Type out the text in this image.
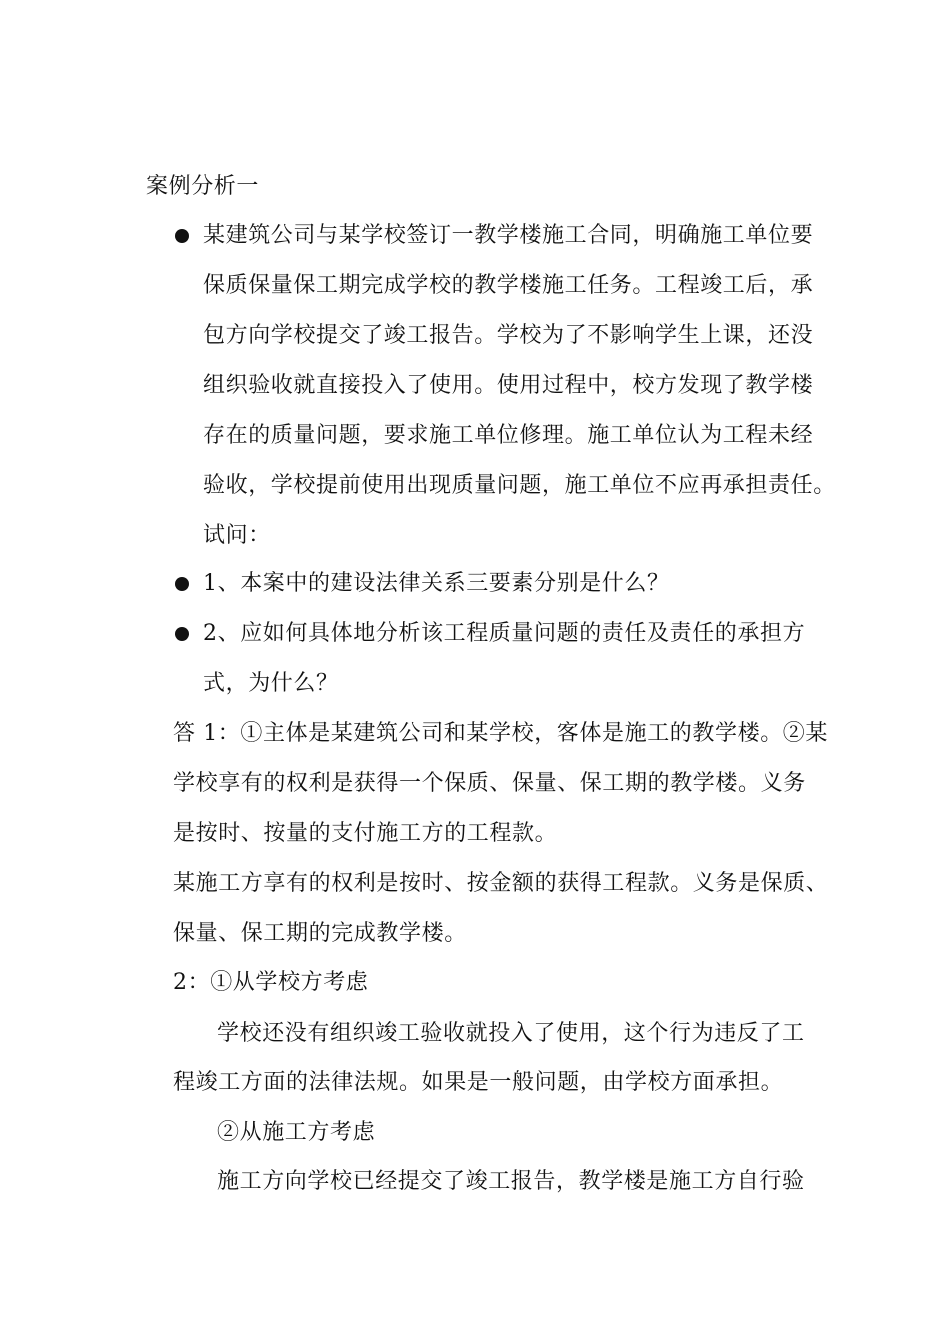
案例分析一
某建筑公司与某学校签订一教学楼施工合同，明确施工单位要
保质保量保工期完成学校的教学楼施工任务。工程竣工后，承
包方向学校提交了竣工报告。学校为了不影响学生上课，还没
组织验收就直接投入了使用。使用过程中，校方发现了教学楼
存在的质量问题，要求施工单位修理。施工单位认为工程未经
验收，学校提前使用出现质量问题，施工单位不应再承担责任。
试问：
1、本案中的建设法律关系三要素分别是什么？
2、应如何具体地分析该工程质量问题的责任及责任的承担方
式，为什么？
答 1：①主体是某建筑公司和某学校，客体是施工的教学楼。②某
学校享有的权利是获得一个保质、保量、保工期的教学楼。义务
是按时、按量的支付施工方的工程款。
某施工方享有的权利是按时、按金额的获得工程款。义务是保质、
保量、保工期的完成教学楼。
2：①从学校方考虑
学校还没有组织竣工验收就投入了使用，这个行为违反了工
程竣工方面的法律法规。如果是一般问题，由学校方面承担。
②从施工方考虑
施工方向学校已经提交了竣工报告，教学楼是施工方自行验
